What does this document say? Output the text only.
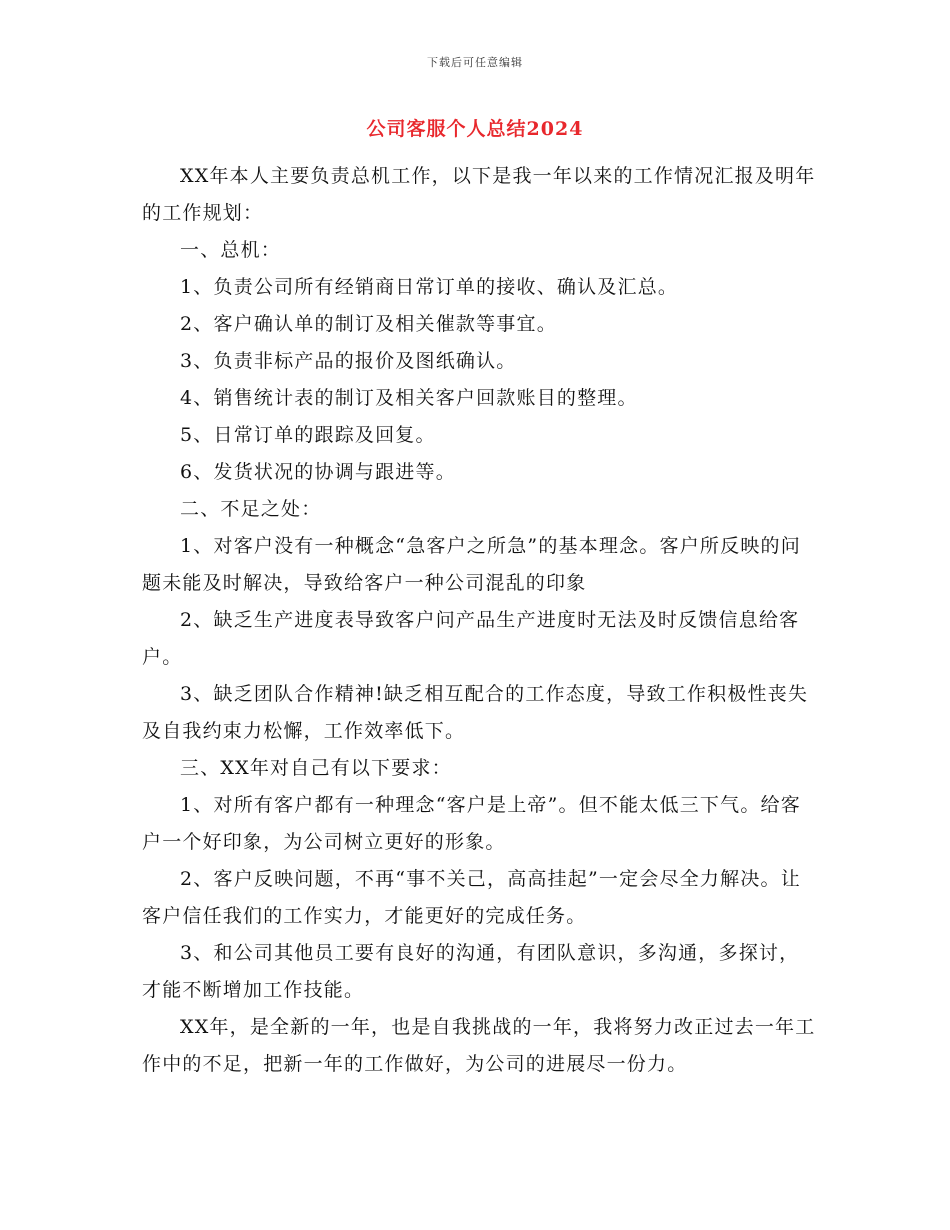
下载后可任意编辑
公司客服个人总结2024

XX年本人主要负责总机工作，以下是我一年以来的工作情况汇报及明年的工作规划：

一、总机：

1、负责公司所有经销商日常订单的接收、确认及汇总。

2、客户确认单的制订及相关催款等事宜。

3、负责非标产品的报价及图纸确认。

4、销售统计表的制订及相关客户回款账目的整理。

5、日常订单的跟踪及回复。

6、发货状况的协调与跟进等。

二、不足之处：

1、对客户没有一种概念“急客户之所急”的基本理念。客户所反映的问题未能及时解决，导致给客户一种公司混乱的印象

2、缺乏生产进度表导致客户问产品生产进度时无法及时反馈信息给客户。

3、缺乏团队合作精神!缺乏相互配合的工作态度，导致工作积极性丧失及自我约束力松懈，工作效率低下。

三、XX年对自己有以下要求：

1、对所有客户都有一种理念“客户是上帝”。但不能太低三下气。给客户一个好印象，为公司树立更好的形象。

2、客户反映问题，不再“事不关己，高高挂起”一定会尽全力解决。让客户信任我们的工作实力，才能更好的完成任务。

3、和公司其他员工要有良好的沟通，有团队意识，多沟通，多探讨，才能不断增加工作技能。

XX年，是全新的一年，也是自我挑战的一年，我将努力改正过去一年工作中的不足，把新一年的工作做好，为公司的进展尽一份力。
